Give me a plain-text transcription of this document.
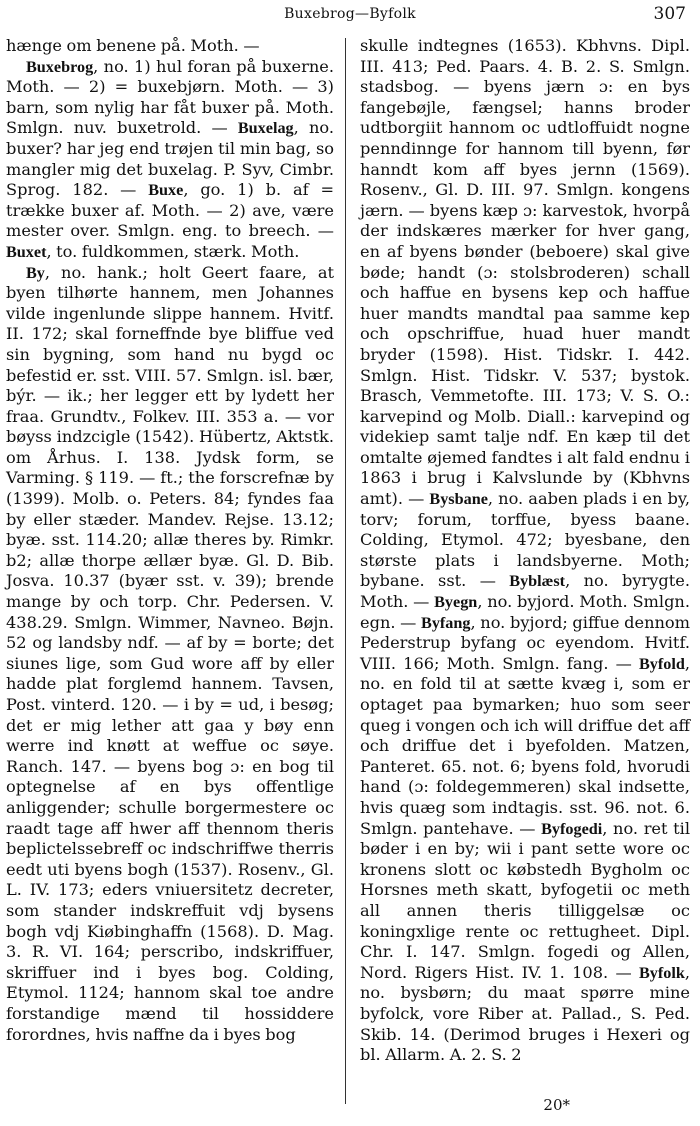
Buxebrog—Byfolk	307

hænge om benene på. Moth. —

Buxebrog, no. 1) hul foran på buxerne. Moth. — 2) = buxebjørn. Moth. — 3) barn, som nylig har fåt buxer på. Moth. Smlgn. nuv. buxetrold. — Buxelag, no. buxer? har jeg end trøjen til min bag, so mangler mig det buxelag. P. Syv, Cimbr. Sprog. 182. — Buxe, go. 1) b. af = trække buxer af. Moth. — 2) ave, være mester over. Smlgn. eng. to breech. — Buxet, to. fuldkommen, stærk. Moth.

By, no. hank.; holt Geert faare, at byen tilhørte hannem, men Johannes vilde ingenlunde slippe hannem. Hvitf. II. 172; skal forneffnde bye bliffue ved sin bygning, som hand nu bygd oc befestid er. sst. VIII. 57. Smlgn. isl. bær, býr. — ik.; her legger ett by lydett her fraa. Grundtv., Folkev. III. 353 a. — vor bøyss indzcigle (1542). Hübertz, Aktstk. om Århus. I. 138. Jydsk form, se Varming. § 119. — ft.; the forscrefnæ by (1399). Molb. o. Peters. 84; fyndes faa by eller stæder. Mandev. Rejse. 13.12; byæ. sst. 114.20; allæ theres by. Rimkr. b2; allæ thorpe ællær byæ. Gl. D. Bib. Josva. 10.37 (byær sst. v. 39); brende mange by och torp. Chr. Pedersen. V. 438.29. Smlgn. Wimmer, Navneo. Bøjn. 52 og landsby ndf. — af by = borte; det siunes lige, som Gud wore aff by eller hadde plat forglemd hannem. Tavsen, Post. vinterd. 120. — i by = ud, i besøg; det er mig lether att gaa y bøy enn werre ind knøtt at weffue oc søye. Ranch. 147. — byens bog ɔ: en bog til optegnelse af en bys offentlige anliggender; schulle borgermestere oc raadt tage aff hwer aff thennom theris beplictelssebreff oc indschriffwe therris eedt uti byens bogh (1537). Rosenv., Gl. L. IV. 173; eders vniuersitetz decreter, som stander indskreffuit vdj bysens bogh vdj Kiøbinghaffn (1568). D. Mag. 3. R. VI. 164; perscribo, indskriffuer, skriffuer ind i byes bog. Colding, Etymol. 1124; hannom skal toe andre forstandige mænd til hossiddere forordnes, hvis naffne da i byes bog

skulle indtegnes (1653). Kbhvns. Dipl. III. 413; Ped. Paars. 4. B. 2. S. Smlgn. stadsbog. — byens jærn ɔ: en bys fangebøjle, fængsel; hanns broder udtborgiit hannom oc udtloffuidt nogne penndinnge for hannom till byenn, før hanndt kom aff byes jernn (1569). Rosenv., Gl. D. III. 97. Smlgn. kongens jærn. — byens kæp ɔ: karvestok, hvorpå der indskæres mærker for hver gang, en af byens bønder (beboere) skal give bøde; handt (ɔ: stolsbroderen) schall och haffue en bysens kep och haffue huer mandts mandtal paa samme kep och opschriffue, huad huer mandt bryder (1598). Hist. Tidskr. I. 442. Smlgn. Hist. Tidskr. V. 537; bystok. Brasch, Vemmetofte. III. 173; V. S. O.: karvepind og Molb. Diall.: karvepind og videkiep samt talje ndf. En kæp til det omtalte øjemed fandtes i alt fald endnu i 1863 i brug i Kalvslunde by (Kbhvns amt). — Bysbane, no. aaben plads i en by, torv; forum, torffue, byess baane. Colding, Etymol. 472; byesbane, den største plats i landsbyerne. Moth; bybane. sst. — Byblæst, no. byrygte. Moth. — Byegn, no. byjord. Moth. Smlgn. egn. — Byfang, no. byjord; giffue dennom Pederstrup byfang oc eyendom. Hvitf. VIII. 166; Moth. Smlgn. fang. — Byfold, no. en fold til at sætte kvæg i, som er optaget paa bymarken; huo som seer queg i vongen och ich will driffue det aff och driffue det i byefolden. Matzen, Panteret. 65. not. 6; byens fold, hvorudi hand (ɔ: foldegemmeren) skal indsette, hvis quæg som indtagis. sst. 96. not. 6. Smlgn. pantehave. — Byfogedi, no. ret til bøder i en by; wii i pant sette wore oc kronens slott oc købstedh Bygholm oc Horsnes meth skatt, byfogetii oc meth all annen theris tilliggelsæ oc koningxlige rente oc rettugheet. Dipl. Chr. I. 147. Smlgn. fogedi og Allen, Nord. Rigers Hist. IV. 1. 108. — Byfolk, no. bysbørn; du maat spørre mine byfolck, vore Riber at. Pallad., S. Ped. Skib. 14. (Derimod bruges i Hexeri og bl. Allarm. A. 2. S. 2

20*
